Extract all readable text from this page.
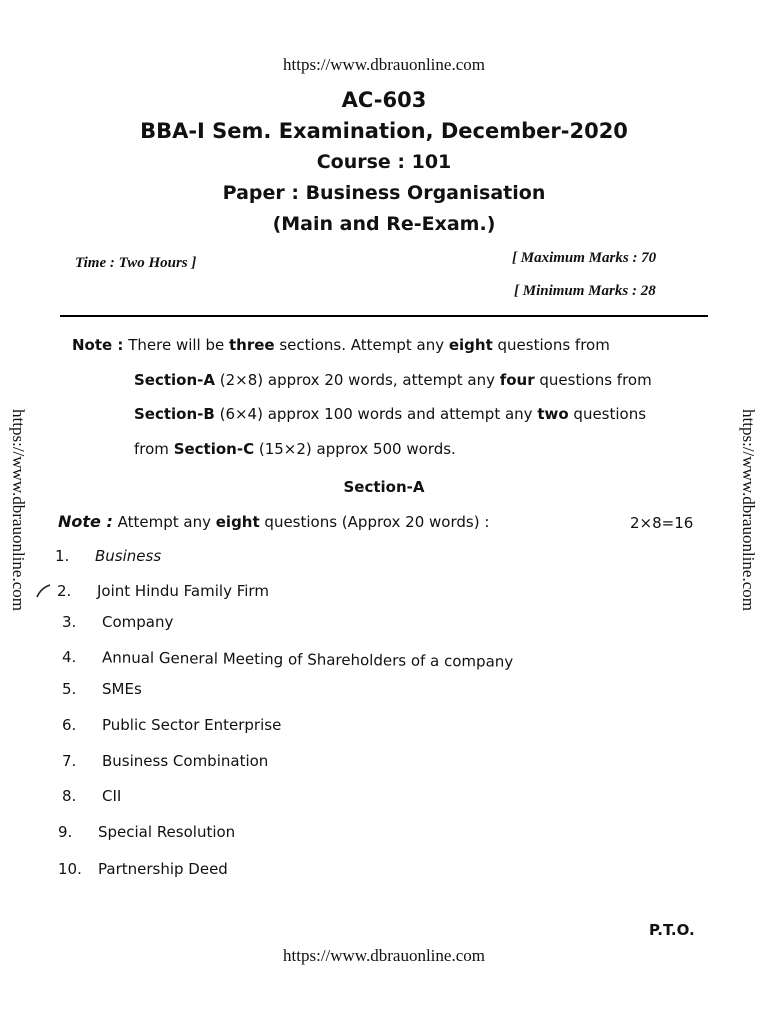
https://www.dbrauonline.com
https://www.dbrauonline.com	https://www.dbrauonline.com
AC-603
BBA-I Sem. Examination, December-2020
Course : 101
Paper : Business Organisation
(Main and Re-Exam.)
Time : Two Hours ]	[ Maximum Marks : 70
[ Minimum Marks : 28
Note : There will be three sections. Attempt any eight questions from
Section-A (2×8) approx 20 words, attempt any four questions from
Section-B (6×4) approx 100 words and attempt any two questions
from Section-C (15×2) approx 500 words.
Section-A
Note : Attempt any eight questions (Approx 20 words) :	2×8=16
1. Business
2. Joint Hindu Family Firm
3. Company
4. Annual General Meeting of Shareholders of a company
5. SMEs
6. Public Sector Enterprise
7. Business Combination
8. CII
9. Special Resolution
10. Partnership Deed
P.T.O.
https://www.dbrauonline.com
